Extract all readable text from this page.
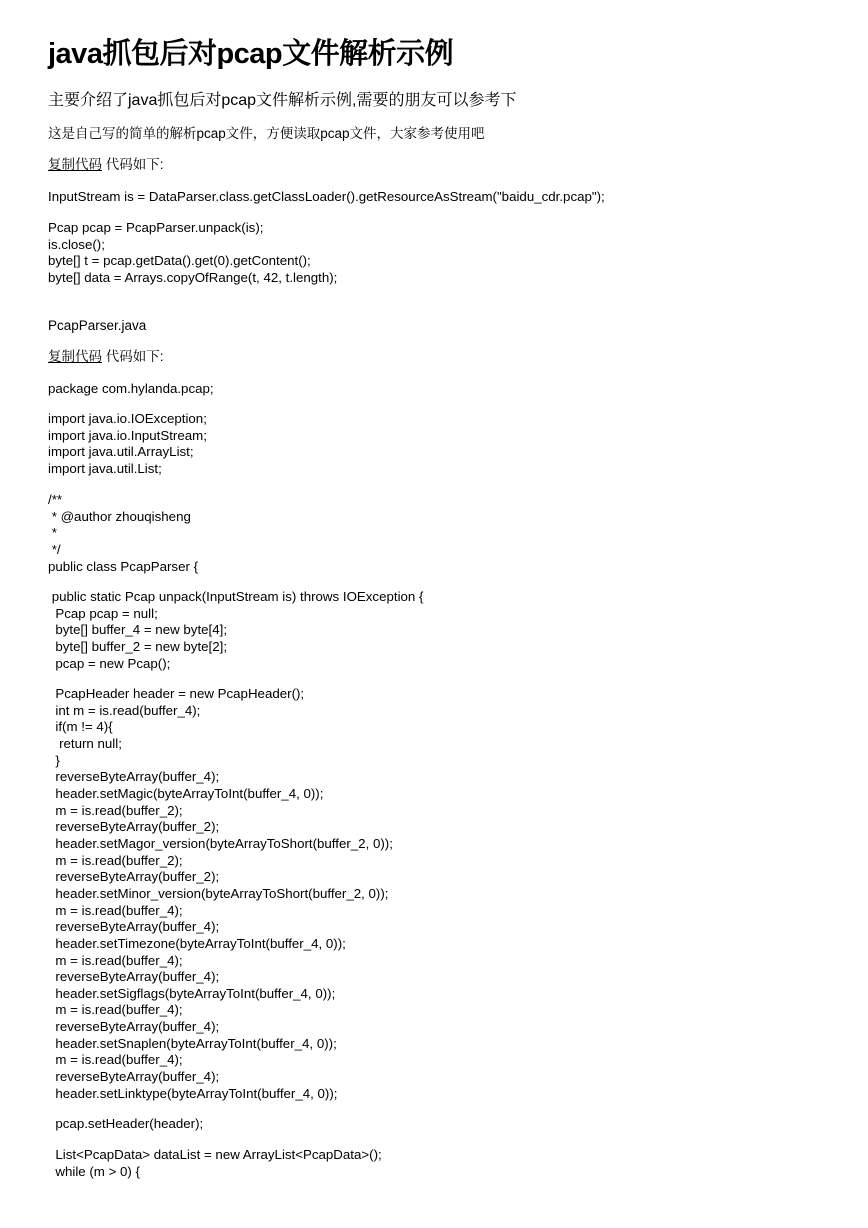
java抓包后对pcap文件解析示例
主要介绍了java抓包后对pcap文件解析示例,需要的朋友可以参考下
这是自己写的简单的解析pcap文件，方便读取pcap文件，大家参考使用吧
复制代码 代码如下:
InputStream is = DataParser.class.getClassLoader().getResourceAsStream("baidu_cdr.pcap");
Pcap pcap = PcapParser.unpack(is);
is.close();
byte[] t = pcap.getData().get(0).getContent();
byte[] data = Arrays.copyOfRange(t, 42, t.length);
PcapParser.java
复制代码 代码如下:
package com.hylanda.pcap;
import java.io.IOException;
import java.io.InputStream;
import java.util.ArrayList;
import java.util.List;
/**
* @author zhouqisheng
*
*/
public class PcapParser {
public static Pcap unpack(InputStream is) throws IOException {
Pcap pcap = null;
byte[] buffer_4 = new byte[4];
byte[] buffer_2 = new byte[2];
pcap = new Pcap();
PcapHeader header = new PcapHeader();
int m = is.read(buffer_4);
if(m != 4){
return null;
}
reverseByteArray(buffer_4);
header.setMagic(byteArrayToInt(buffer_4, 0));
m = is.read(buffer_2);
reverseByteArray(buffer_2);
header.setMagor_version(byteArrayToShort(buffer_2, 0));
m = is.read(buffer_2);
reverseByteArray(buffer_2);
header.setMinor_version(byteArrayToShort(buffer_2, 0));
m = is.read(buffer_4);
reverseByteArray(buffer_4);
header.setTimezone(byteArrayToInt(buffer_4, 0));
m = is.read(buffer_4);
reverseByteArray(buffer_4);
header.setSigflags(byteArrayToInt(buffer_4, 0));
m = is.read(buffer_4);
reverseByteArray(buffer_4);
header.setSnaplen(byteArrayToInt(buffer_4, 0));
m = is.read(buffer_4);
reverseByteArray(buffer_4);
header.setLinktype(byteArrayToInt(buffer_4, 0));
pcap.setHeader(header);
List<PcapData> dataList = new ArrayList<PcapData>();
while (m > 0) {
